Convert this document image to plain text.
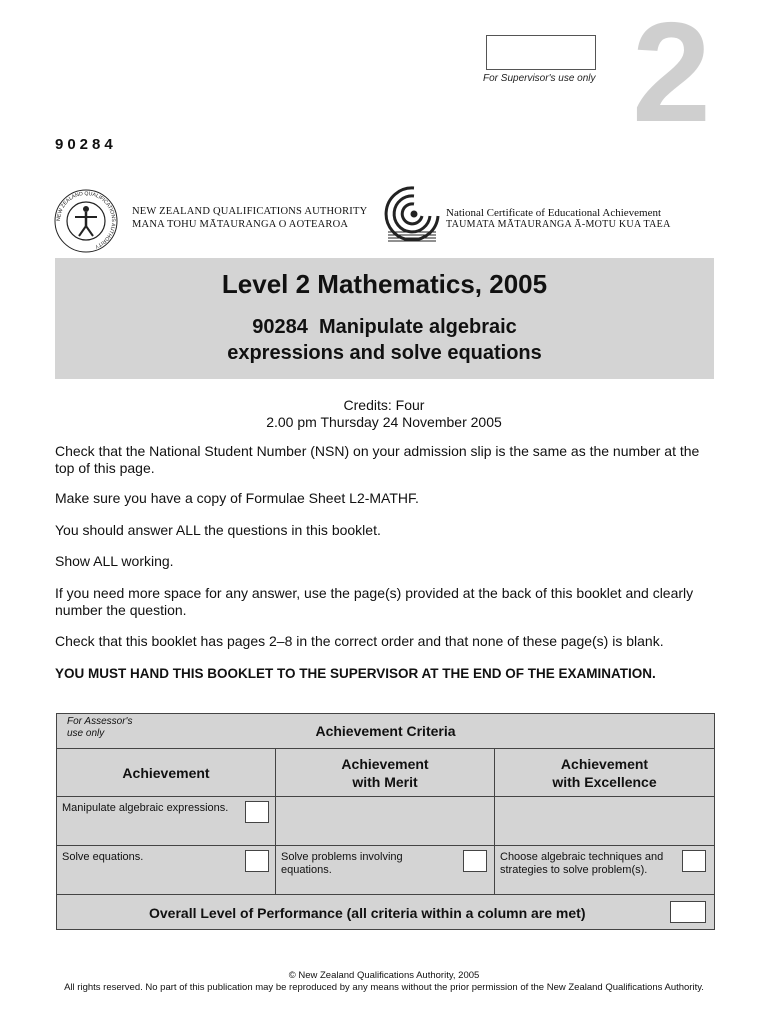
For Supervisor's use only 2
90284
NEW ZEALAND QUALIFICATIONS AUTHORITY
NEW ZEALAND QUALIFICATIONS AUTHORITY
MANA TOHU MĀTAURANGA O AOTEAROA
National Certificate of Educational Achievement
TAUMATA MĀTAURANGA Ā-MOTU KUA TAEA
Level 2 Mathematics, 2005
90284  Manipulate algebraic
expressions and solve equations
Credits: Four
2.00 pm Thursday 24 November 2005
Check that the National Student Number (NSN) on your admission slip is the same as the number at the top of this page.
Make sure you have a copy of Formulae Sheet L2-MATHF.
You should answer ALL the questions in this booklet.
Show ALL working.
If you need more space for any answer, use the page(s) provided at the back of this booklet and clearly number the question.
Check that this booklet has pages 2–8 in the correct order and that none of these page(s) is blank.
YOU MUST HAND THIS BOOKLET TO THE SUPERVISOR AT THE END OF THE EXAMINATION.
For Assessor's
use only	Achievement Criteria
Achievement
Achievement
with Merit
Achievement
with Excellence
Manipulate algebraic expressions.
Solve equations.	Solve problems involving equations.
Choose algebraic techniques and strategies to solve problem(s).
Overall Level of Performance (all criteria within a column are met)
© New Zealand Qualifications Authority, 2005
All rights reserved. No part of this publication may be reproduced by any means without the prior permission of the New Zealand Qualifications Authority.
